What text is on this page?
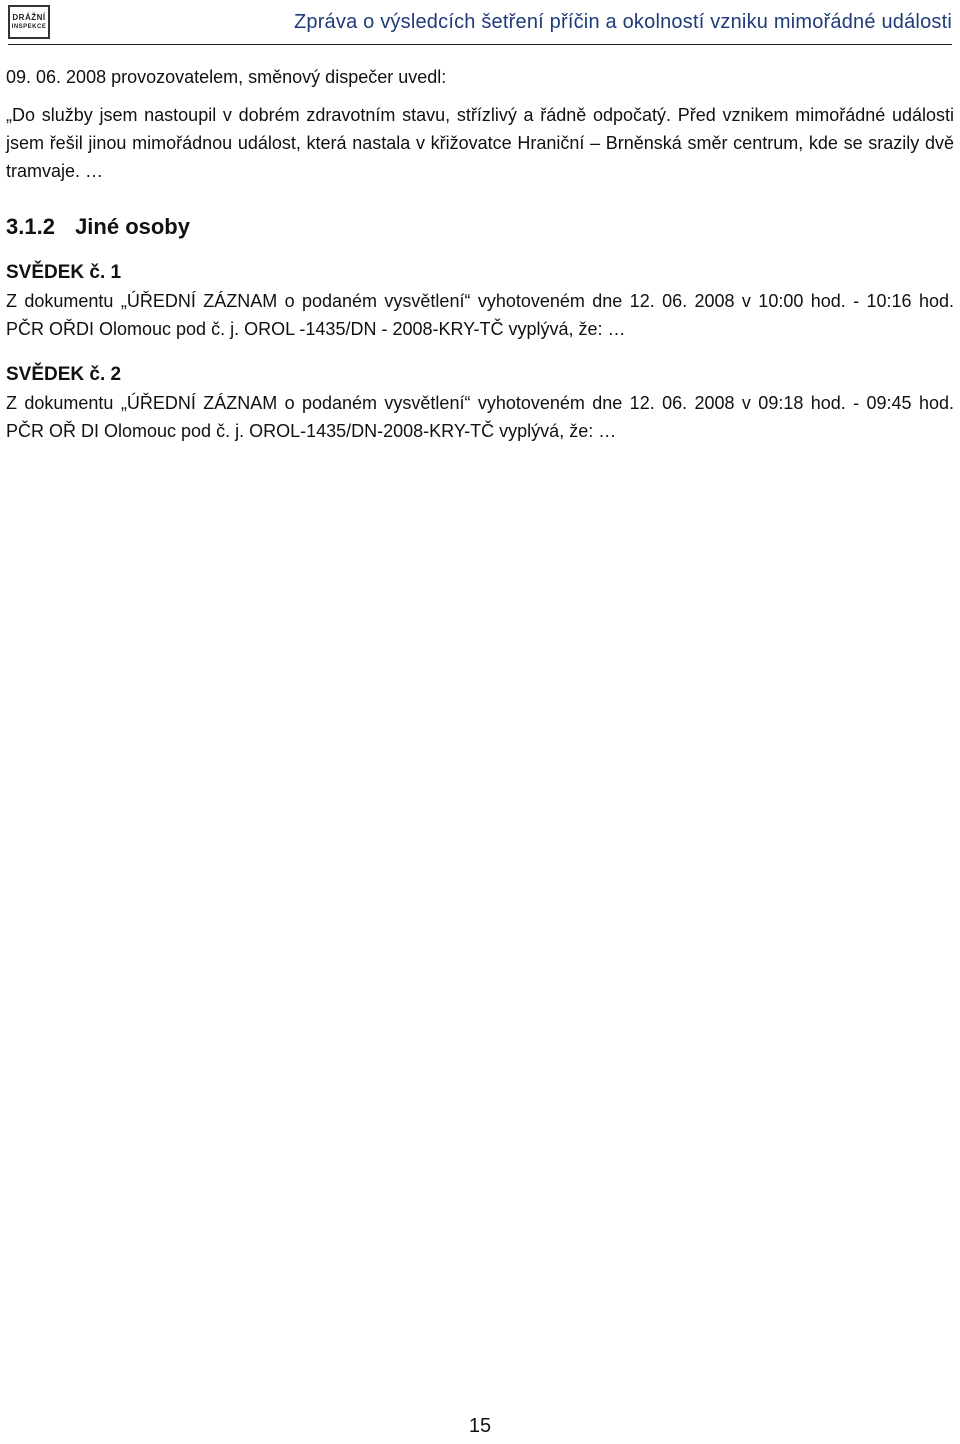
DRÁŽNÍ
INSPEKCE	Zpráva o výsledcích šetření příčin a okolností vzniku mimořádné události

09. 06. 2008 provozovatelem, směnový dispečer uvedl:

„Do služby jsem nastoupil v dobrém zdravotním stavu, střízlivý a řádně odpočatý. Před vznikem mimořádné události jsem řešil jinou mimořádnou událost, která nastala v křižovatce Hraniční – Brněnská směr centrum, kde se srazily dvě tramvaje. …

3.1.2 Jiné osoby
SVĚDEK č. 1
Z dokumentu „ÚŘEDNÍ ZÁZNAM o podaném vysvětlení“ vyhotoveném dne 12. 06. 2008 v 10:00 hod. - 10:16 hod. PČR OŘDI Olomouc pod č. j. OROL -1435/DN - 2008-KRY-TČ vyplývá, že: …
SVĚDEK č. 2
Z dokumentu „ÚŘEDNÍ ZÁZNAM o podaném vysvětlení“ vyhotoveném dne 12. 06. 2008 v 09:18 hod. - 09:45 hod. PČR OŘ DI Olomouc pod č. j. OROL-1435/DN-2008-KRY-TČ vyplývá, že: …
15
